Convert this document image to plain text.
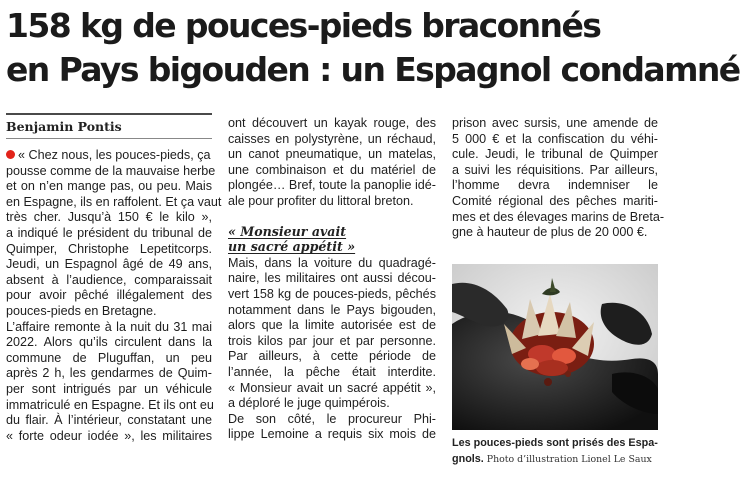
158 kg de pouces-pieds braconnés
en Pays bigouden : un Espagnol condamné
Benjamin Pontis
« Chez nous, les pouces-pieds, ça
pousse comme de la mauvaise herbe
et on n’en mange pas, ou peu. Mais
en Espagne, ils en raffolent. Et ça vaut
très cher. Jusqu’à 150 € le kilo »,
a indiqué le président du tribunal de
Quimper, Christophe Lepetitcorps.
Jeudi, un Espagnol âgé de 49 ans,
absent à l’audience, comparaissait
pour avoir pêché illégalement des
pouces-pieds en Bretagne.
L’affaire remonte à la nuit du 31 mai
2022. Alors qu’ils circulent dans la
commune de Pluguffan, un peu
après 2 h, les gendarmes de Quim-
per sont intrigués par un véhicule
immatriculé en Espagne. Et ils ont eu
du flair. À l’intérieur, constatant une
« forte odeur iodée », les militaires
ont découvert un kayak rouge, des
caisses en polystyrène, un réchaud,
un canot pneumatique, un matelas,
une combinaison et du matériel de
plongée… Bref, toute la panoplie idé-
ale pour profiter du littoral breton.
« Monsieur avait
un sacré appétit »
Mais, dans la voiture du quadragé-
naire, les militaires ont aussi décou-
vert 158 kg de pouces-pieds, pêchés
notamment dans le Pays bigouden,
alors que la limite autorisée est de
trois kilos par jour et par personne.
Par ailleurs, à cette période de
l’année, la pêche était interdite.
« Monsieur avait un sacré appétit »,
a déploré le juge quimpérois.
De son côté, le procureur Phi-
lippe Lemoine a requis six mois de
prison avec sursis, une amende de
5 000 € et la confiscation du véhi-
cule. Jeudi, le tribunal de Quimper
a suivi les réquisitions. Par ailleurs,
l’homme devra indemniser le
Comité régional des pêches mariti-
mes et des élevages marins de Breta-
gne à hauteur de plus de 20 000 €.
Les pouces-pieds sont prisés des Espa-
gnols. Photo d’illustration Lionel Le Saux
